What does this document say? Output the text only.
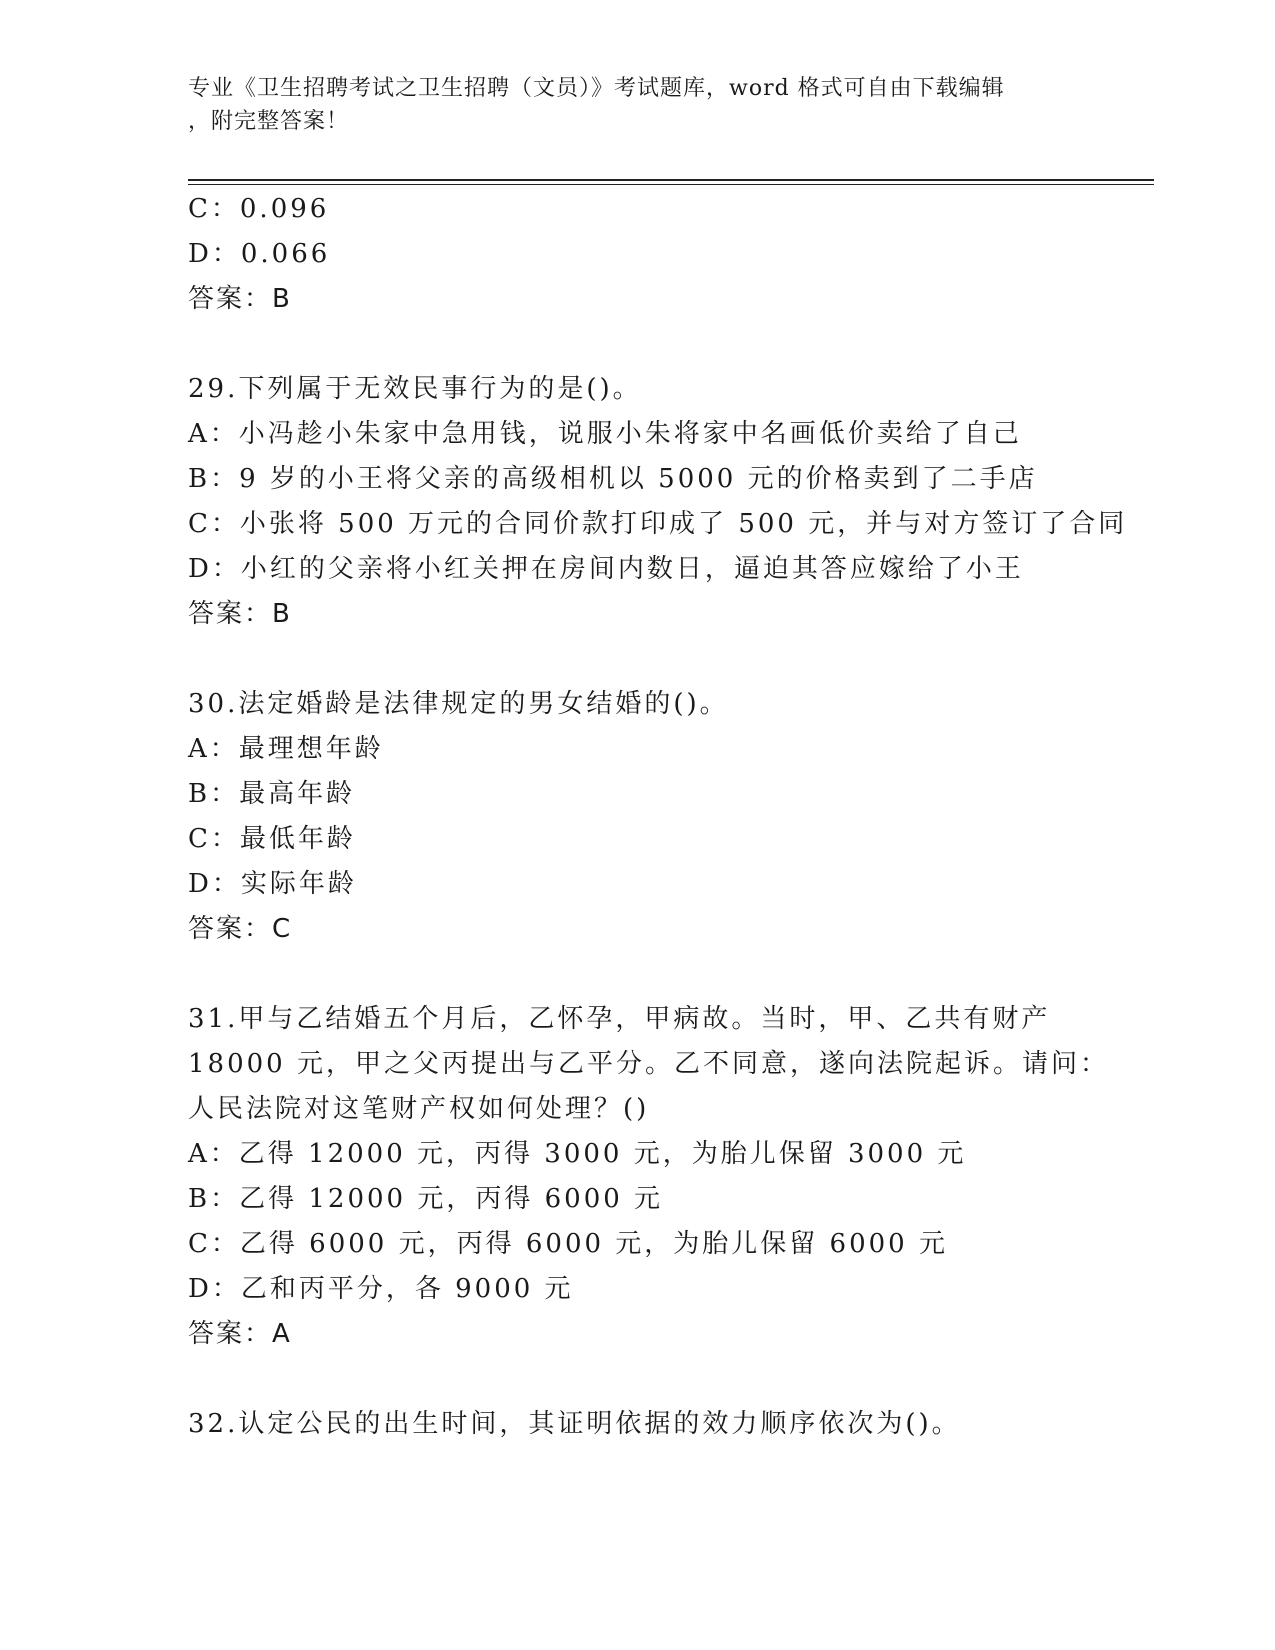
专业《卫生招聘考试之卫生招聘（文员）》考试题库，word 格式可自由下载编辑
，附完整答案！
C：0.096
D：0.066
答案：B
29.下列属于无效民事行为的是()。
A：小冯趁小朱家中急用钱，说服小朱将家中名画低价卖给了自己
B：9 岁的小王将父亲的高级相机以 5000 元的价格卖到了二手店
C：小张将 500 万元的合同价款打印成了 500 元，并与对方签订了合同
D：小红的父亲将小红关押在房间内数日，逼迫其答应嫁给了小王
答案：B
30.法定婚龄是法律规定的男女结婚的()。
A：最理想年龄
B：最高年龄
C：最低年龄
D：实际年龄
答案：C
31.甲与乙结婚五个月后，乙怀孕，甲病故。当时，甲、乙共有财产
18000 元，甲之父丙提出与乙平分。乙不同意，遂向法院起诉。请问：
人民法院对这笔财产权如何处理？()
A：乙得 12000 元，丙得 3000 元，为胎儿保留 3000 元
B：乙得 12000 元，丙得 6000 元
C：乙得 6000 元，丙得 6000 元，为胎儿保留 6000 元
D：乙和丙平分，各 9000 元
答案：A
32.认定公民的出生时间，其证明依据的效力顺序依次为()。
